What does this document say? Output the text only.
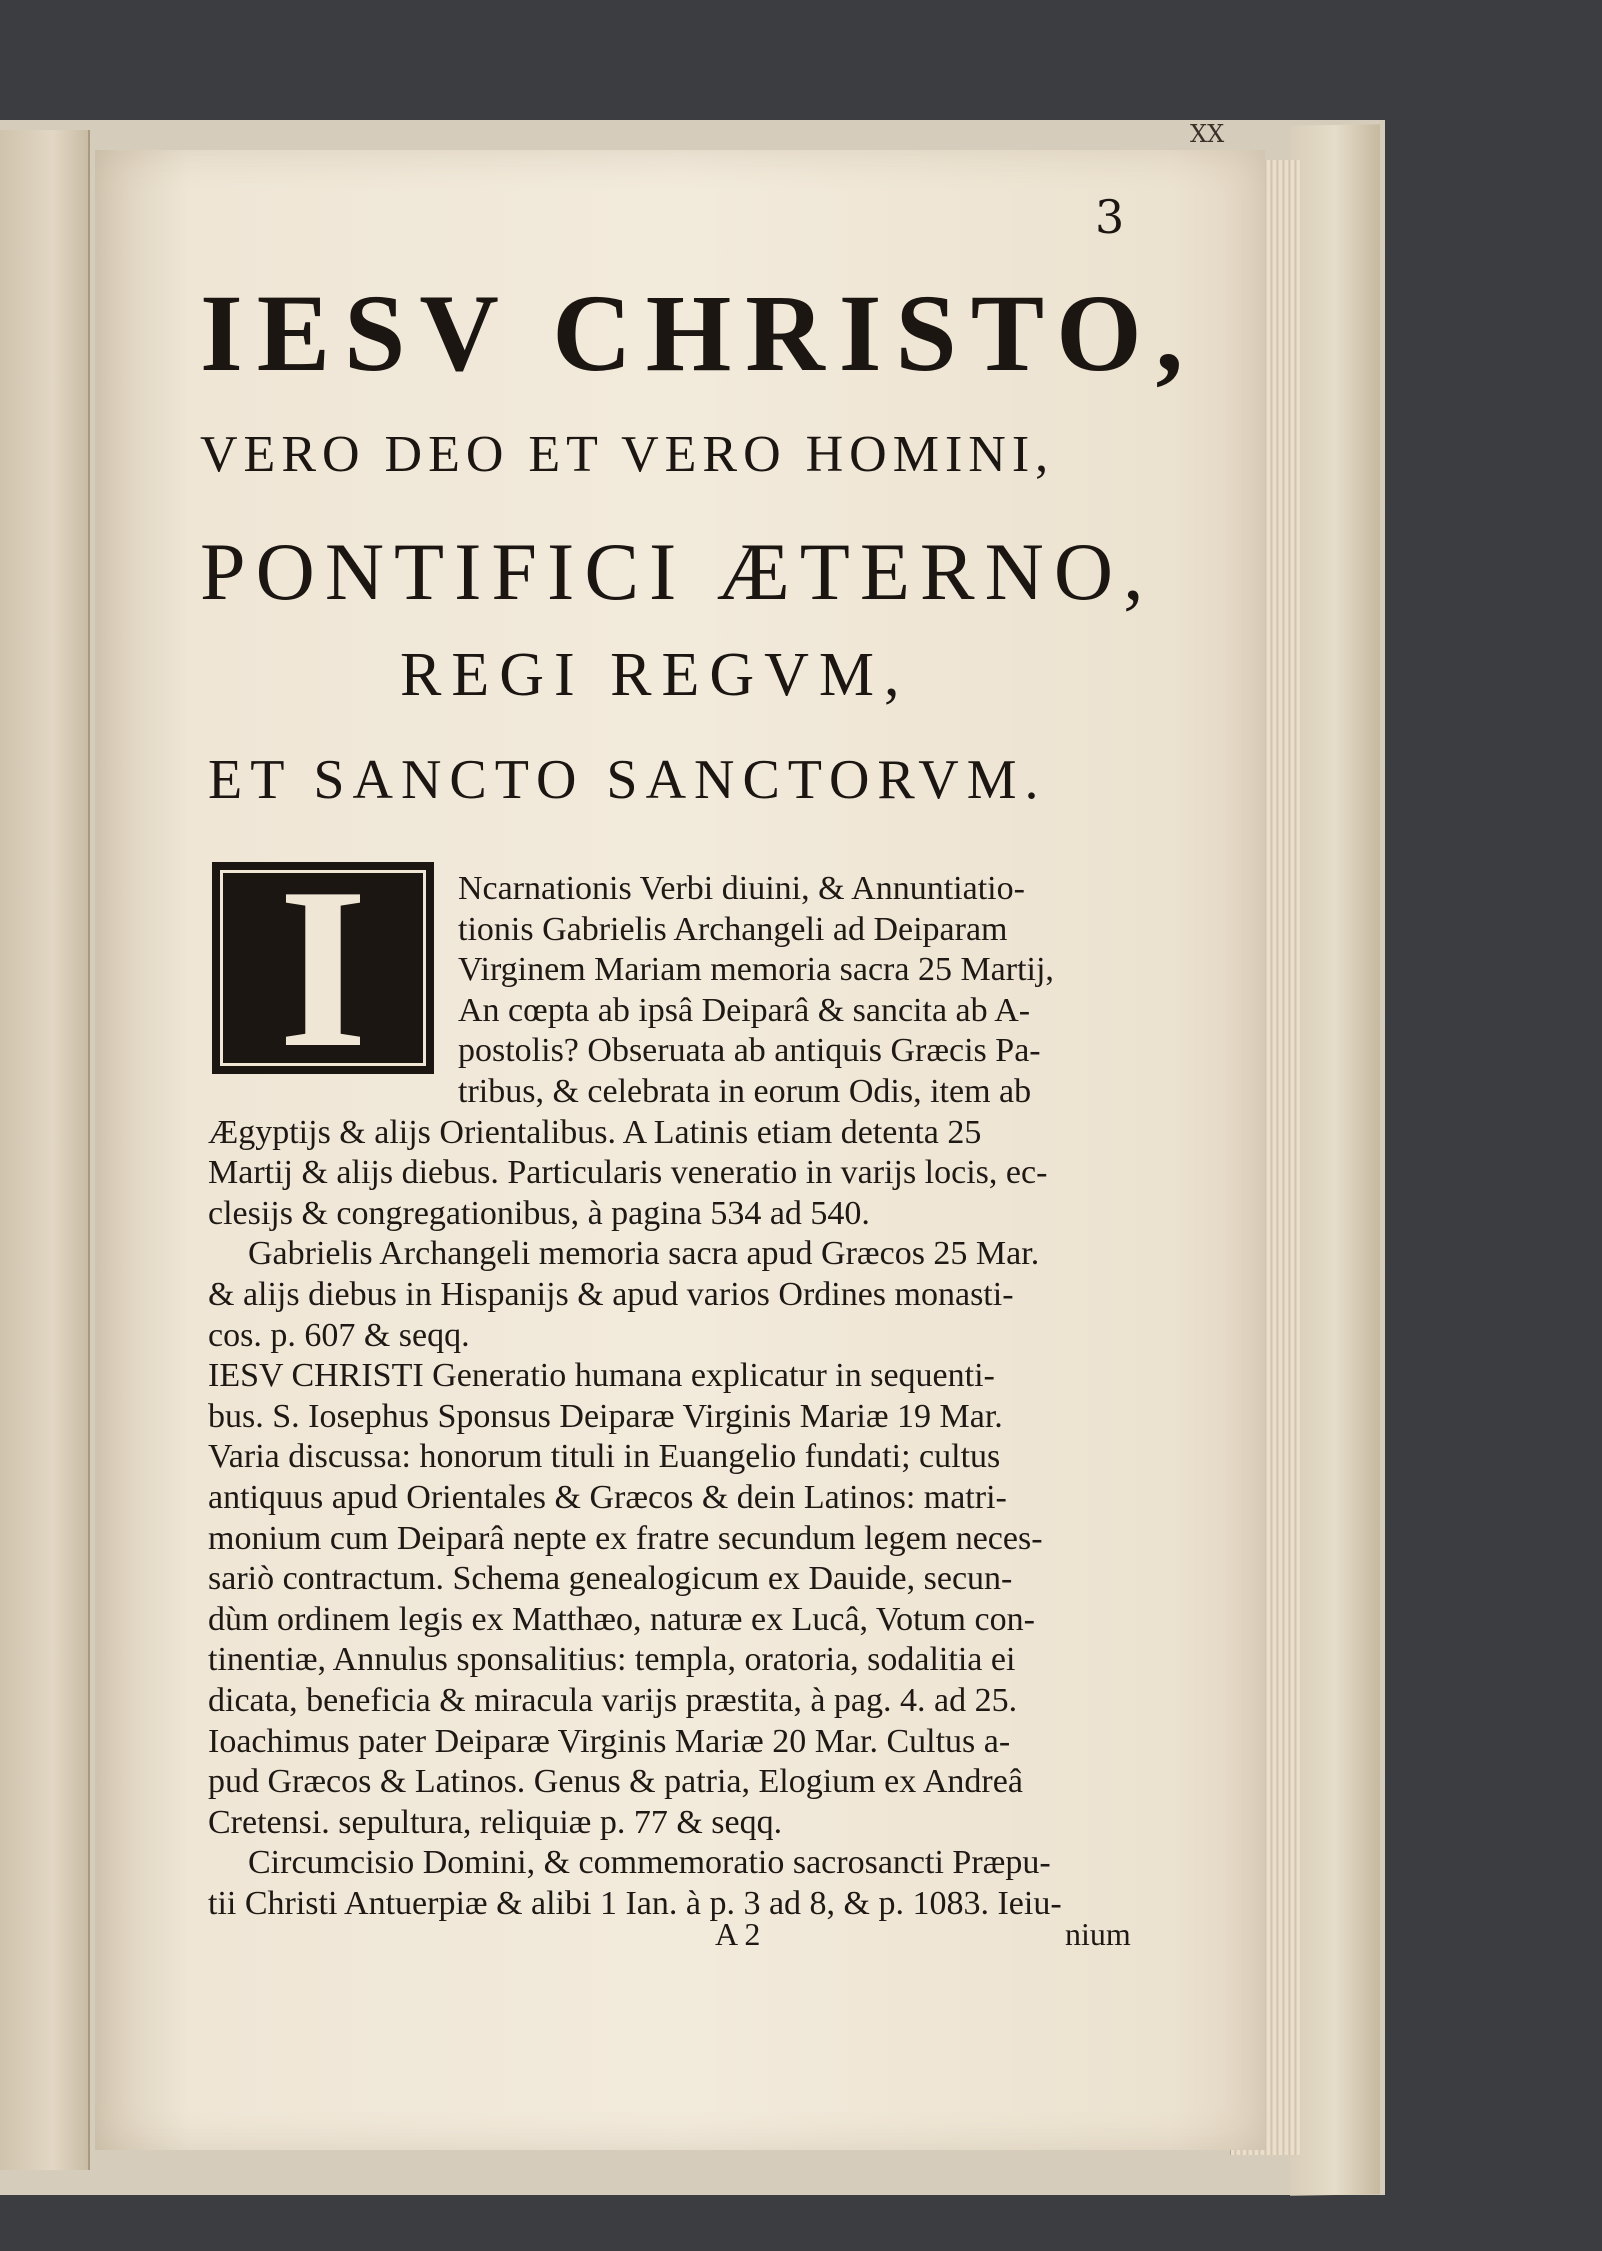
XX
3
IESV CHRISTO,
VERO DEO ET VERO HOMINI,
PONTIFICI ÆTERNO,
REGI REGVM,
ET SANCTO SANCTORVM.
I	Ncarnationis Verbi diuini, & Annuntiatio-
tionis Gabrielis Archangeli ad Deiparam
Virginem Mariam memoria sacra 25 Martij,
An cœpta ab ipsâ Deiparâ & sancita ab A-
postolis? Obseruata ab antiquis Græcis Pa-
tribus, & celebrata in eorum Odis, item ab
Ægyptijs & alijs Orientalibus. A Latinis etiam detenta 25
Martij & alijs diebus. Particularis veneratio in varijs locis, ec-
clesijs & congregationibus, à pagina 534 ad 540.
Gabrielis Archangeli memoria sacra apud Græcos 25 Mar.
& alijs diebus in Hispanijs & apud varios Ordines monasti-
cos. p. 607 & seqq.
IESV CHRISTI Generatio humana explicatur in sequenti-
bus. S. Iosephus Sponsus Deiparæ Virginis Mariæ 19 Mar.
Varia discussa: honorum tituli in Euangelio fundati; cultus
antiquus apud Orientales & Græcos & dein Latinos: matri-
monium cum Deiparâ nepte ex fratre secundum legem neces-
sariò contractum. Schema genealogicum ex Dauide, secun-
dùm ordinem legis ex Matthæo, naturæ ex Lucâ, Votum con-
tinentiæ, Annulus sponsalitius: templa, oratoria, sodalitia ei
dicata, beneficia & miracula varijs præstita, à pag. 4. ad 25.
Ioachimus pater Deiparæ Virginis Mariæ 20 Mar. Cultus a-
pud Græcos & Latinos. Genus & patria, Elogium ex Andreâ
Cretensi. sepultura, reliquiæ p. 77 & seqq.
Circumcisio Domini, & commemoratio sacrosancti Præpu-
tii Christi Antuerpiæ & alibi 1 Ian. à p. 3 ad 8, & p. 1083. Ieiu-
A 2	nium
